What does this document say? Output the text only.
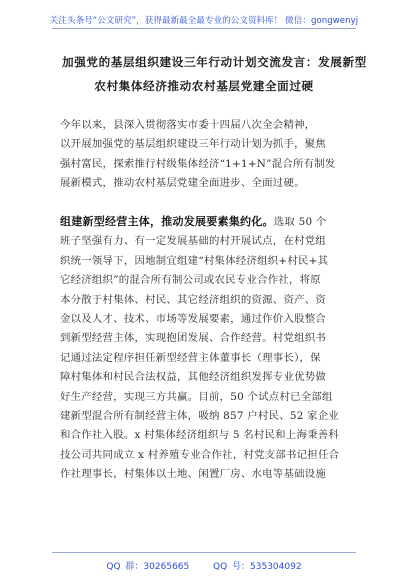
关注头条号“公文研究”，获得最新最全最专业的公文资料库！ 微信：gongwenyj
加强党的基层组织建设三年行动计划交流发言：发展新型
农村集体经济推动农村基层党建全面过硬
今年以来，县深入贯彻落实市委十四届八次全会精神，
以开展加强党的基层组织建设三年行动计划为抓手，聚焦
强村富民，探索推行村级集体经济“1+1+N”混合所有制发
展新模式，推动农村基层党建全面进步、全面过硬。
组建新型经营主体，推动发展要素集约化。选取 50 个
班子坚强有力、有一定发展基础的村开展试点，在村党组
织统一领导下，因地制宜组建“村集体经济组织+村民+其
它经济组织”的混合所有制公司或农民专业合作社，将原
本分散于村集体、村民、其它经济组织的资源、资产、资
金以及人才、技术、市场等发展要素，通过作价入股整合
到新型经营主体，实现抱团发展、合作经营。村党组织书
记通过法定程序担任新型经营主体董事长（理事长），保
障村集体和村民合法权益，其他经济组织发挥专业优势做
好生产经营，实现三方共赢。目前，50 个试点村已全部组
建新型混合所有制经营主体，吸纳 857 户村民、52 家企业
和合作社入股。x 村集体经济组织与 5 名村民和上海秉善科
技公司共同成立 x 村养殖专业合作社，村党支部书记担任合
作社理事长，村集体以土地、闲置厂房、水电等基础设施
QQ 群：30265665	QQ 号：535304092
